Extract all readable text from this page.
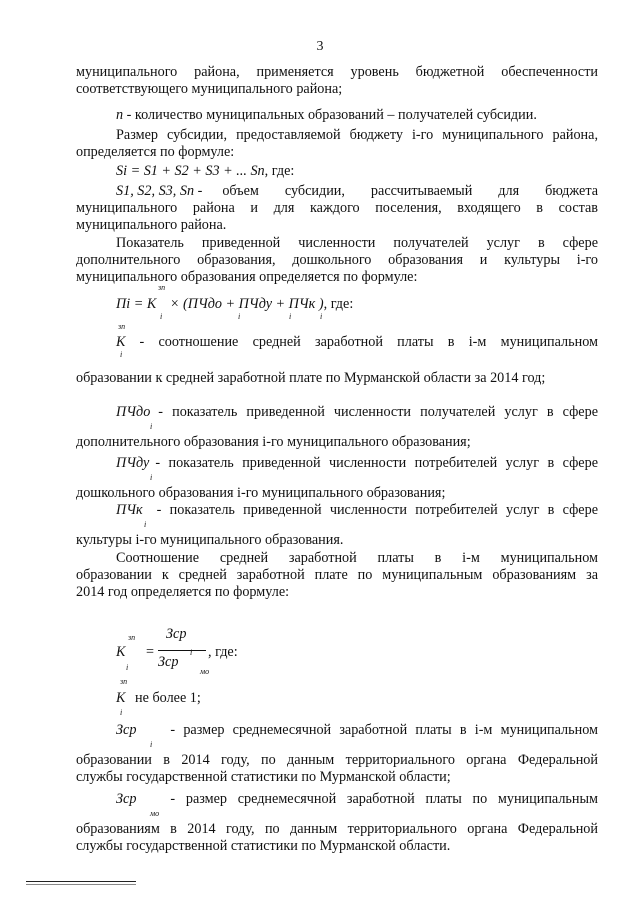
3
муниципального района, применяется уровень бюджетной обеспеченности
соответствующего муниципального района;
n - количество муниципальных образований – получателей субсидии.
Размер субсидии, предоставляемой бюджету i-го муниципального района,
определяется по формуле:
Si = S1 + S2 + S3 + ... Sn, где:
S1, S2, S3, Sn - объем субсидии, рассчитываемый для бюджета
муниципального района и для каждого поселения, входящего в состав
муниципального района.
Показатель приведенной численности получателей услуг в сфере
дополнительного образования, дошкольного образования и культуры i-го
муниципального образования определяется по формуле:
Пi = K
зп
i
× (ПЧдо + ПЧду + ПЧк ), где:
i	i	i
K
зп
i
- соотношение средней заработной платы в i-м муниципальном
образовании к средней заработной плате по Мурманской области за 2014 год;
ПЧдо
i
- показатель приведенной численности получателей услуг в сфере
дополнительного образования i-го муниципального образования;
ПЧду
i
- показатель приведенной численности потребителей услуг в сфере
дошкольного образования i-го муниципального образования;
ПЧк
i
- показатель приведенной численности потребителей услуг в сфере
культуры i-го муниципального образования.
Соотношение средней заработной платы в i-м муниципальном
образовании к средней заработной плате по муниципальным образованиям за
2014 год определяется по формуле:
K
зп
i
=
Зср
i
Зср
мо
, где:
K
зп
i
не более 1;
Зср
i
- размер среднемесячной заработной платы в i-м муниципальном
образовании в 2014 году, по данным территориального органа Федеральной
службы государственной статистики по Мурманской области;
Зср
мо
- размер среднемесячной заработной платы по муниципальным
образованиям в 2014 году, по данным территориального органа Федеральной
службы государственной статистики по Мурманской области.
